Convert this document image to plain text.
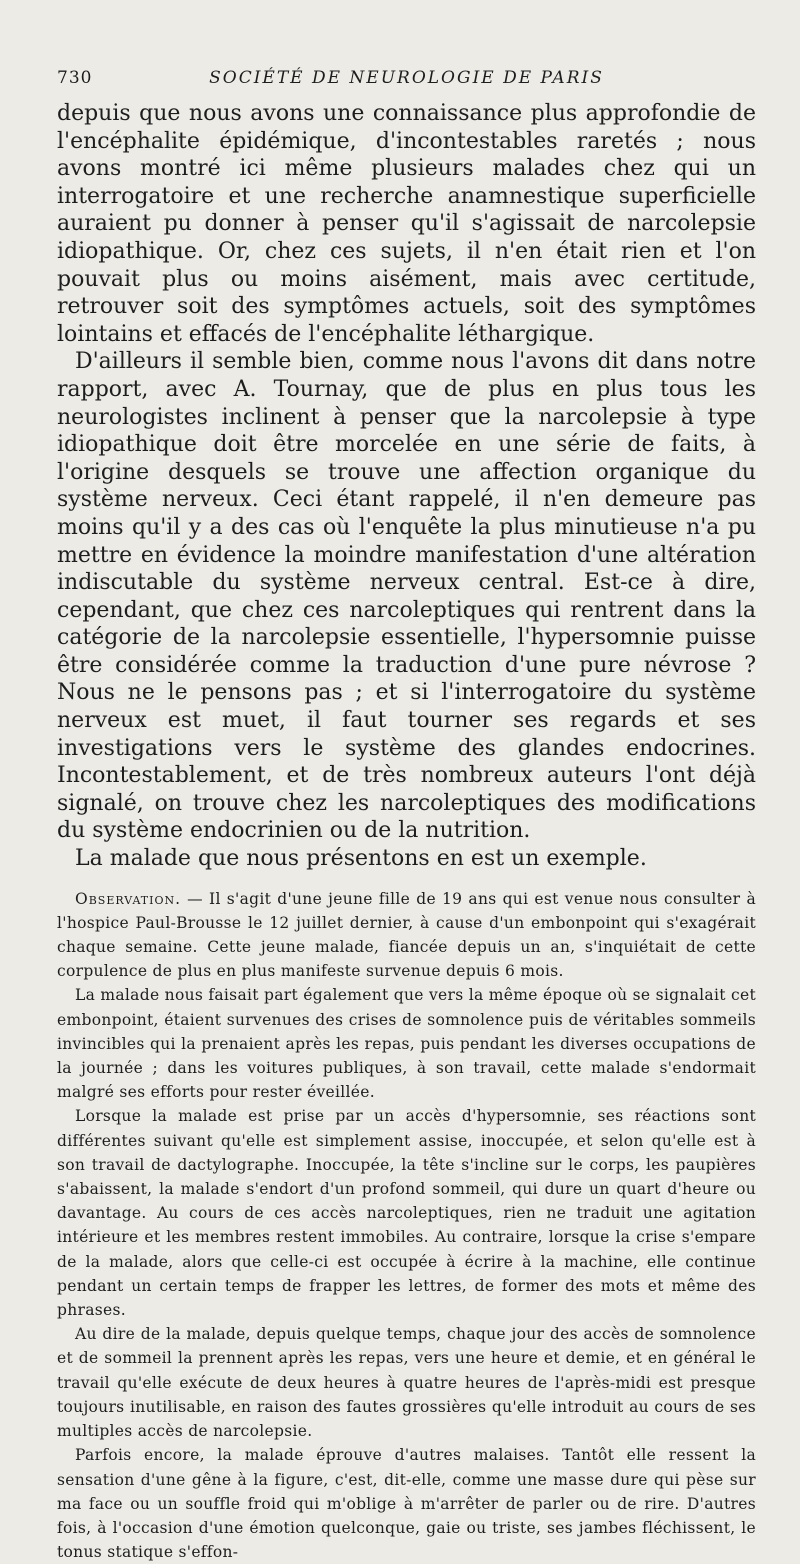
730	SOCIÉTÉ DE NEUROLOGIE DE PARIS

depuis que nous avons une connaissance plus approfondie de l'encéphalite épidémique, d'incontestables raretés ; nous avons montré ici même plusieurs malades chez qui un interrogatoire et une recherche anamnestique superficielle auraient pu donner à penser qu'il s'agissait de narcolepsie idiopathique. Or, chez ces sujets, il n'en était rien et l'on pouvait plus ou moins aisément, mais avec certitude, retrouver soit des symptômes actuels, soit des symptômes lointains et effacés de l'encéphalite léthargique.

D'ailleurs il semble bien, comme nous l'avons dit dans notre rapport, avec A. Tournay, que de plus en plus tous les neurologistes inclinent à penser que la narcolepsie à type idiopathique doit être morcelée en une série de faits, à l'origine desquels se trouve une affection organique du système nerveux. Ceci étant rappelé, il n'en demeure pas moins qu'il y a des cas où l'enquête la plus minutieuse n'a pu mettre en évidence la moindre manifestation d'une altération indiscutable du système nerveux central. Est-ce à dire, cependant, que chez ces narcoleptiques qui rentrent dans la catégorie de la narcolepsie essentielle, l'hypersomnie puisse être considérée comme la traduction d'une pure névrose ? Nous ne le pensons pas ; et si l'interrogatoire du système nerveux est muet, il faut tourner ses regards et ses investigations vers le système des glandes endocrines. Incontestablement, et de très nombreux auteurs l'ont déjà signalé, on trouve chez les narcoleptiques des modifications du système endocrinien ou de la nutrition.

La malade que nous présentons en est un exemple.

Observation. — Il s'agit d'une jeune fille de 19 ans qui est venue nous consulter à l'hospice Paul-Brousse le 12 juillet dernier, à cause d'un embonpoint qui s'exagérait chaque semaine. Cette jeune malade, fiancée depuis un an, s'inquiétait de cette corpulence de plus en plus manifeste survenue depuis 6 mois.

La malade nous faisait part également que vers la même époque où se signalait cet embonpoint, étaient survenues des crises de somnolence puis de véritables sommeils invincibles qui la prenaient après les repas, puis pendant les diverses occupations de la journée ; dans les voitures publiques, à son travail, cette malade s'endormait malgré ses efforts pour rester éveillée.

Lorsque la malade est prise par un accès d'hypersomnie, ses réactions sont différentes suivant qu'elle est simplement assise, inoccupée, et selon qu'elle est à son travail de dactylographe. Inoccupée, la tête s'incline sur le corps, les paupières s'abaissent, la malade s'endort d'un profond sommeil, qui dure un quart d'heure ou davantage. Au cours de ces accès narcoleptiques, rien ne traduit une agitation intérieure et les membres restent immobiles. Au contraire, lorsque la crise s'empare de la malade, alors que celle-ci est occupée à écrire à la machine, elle continue pendant un certain temps de frapper les lettres, de former des mots et même des phrases.

Au dire de la malade, depuis quelque temps, chaque jour des accès de somnolence et de sommeil la prennent après les repas, vers une heure et demie, et en général le travail qu'elle exécute de deux heures à quatre heures de l'après-midi est presque toujours inutilisable, en raison des fautes grossières qu'elle introduit au cours de ses multiples accès de narcolepsie.

Parfois encore, la malade éprouve d'autres malaises. Tantôt elle ressent la sensation d'une gêne à la figure, c'est, dit-elle, comme une masse dure qui pèse sur ma face ou un souffle froid qui m'oblige à m'arrêter de parler ou de rire. D'autres fois, à l'occasion d'une émotion quelconque, gaie ou triste, ses jambes fléchissent, le tonus statique s'effon-
